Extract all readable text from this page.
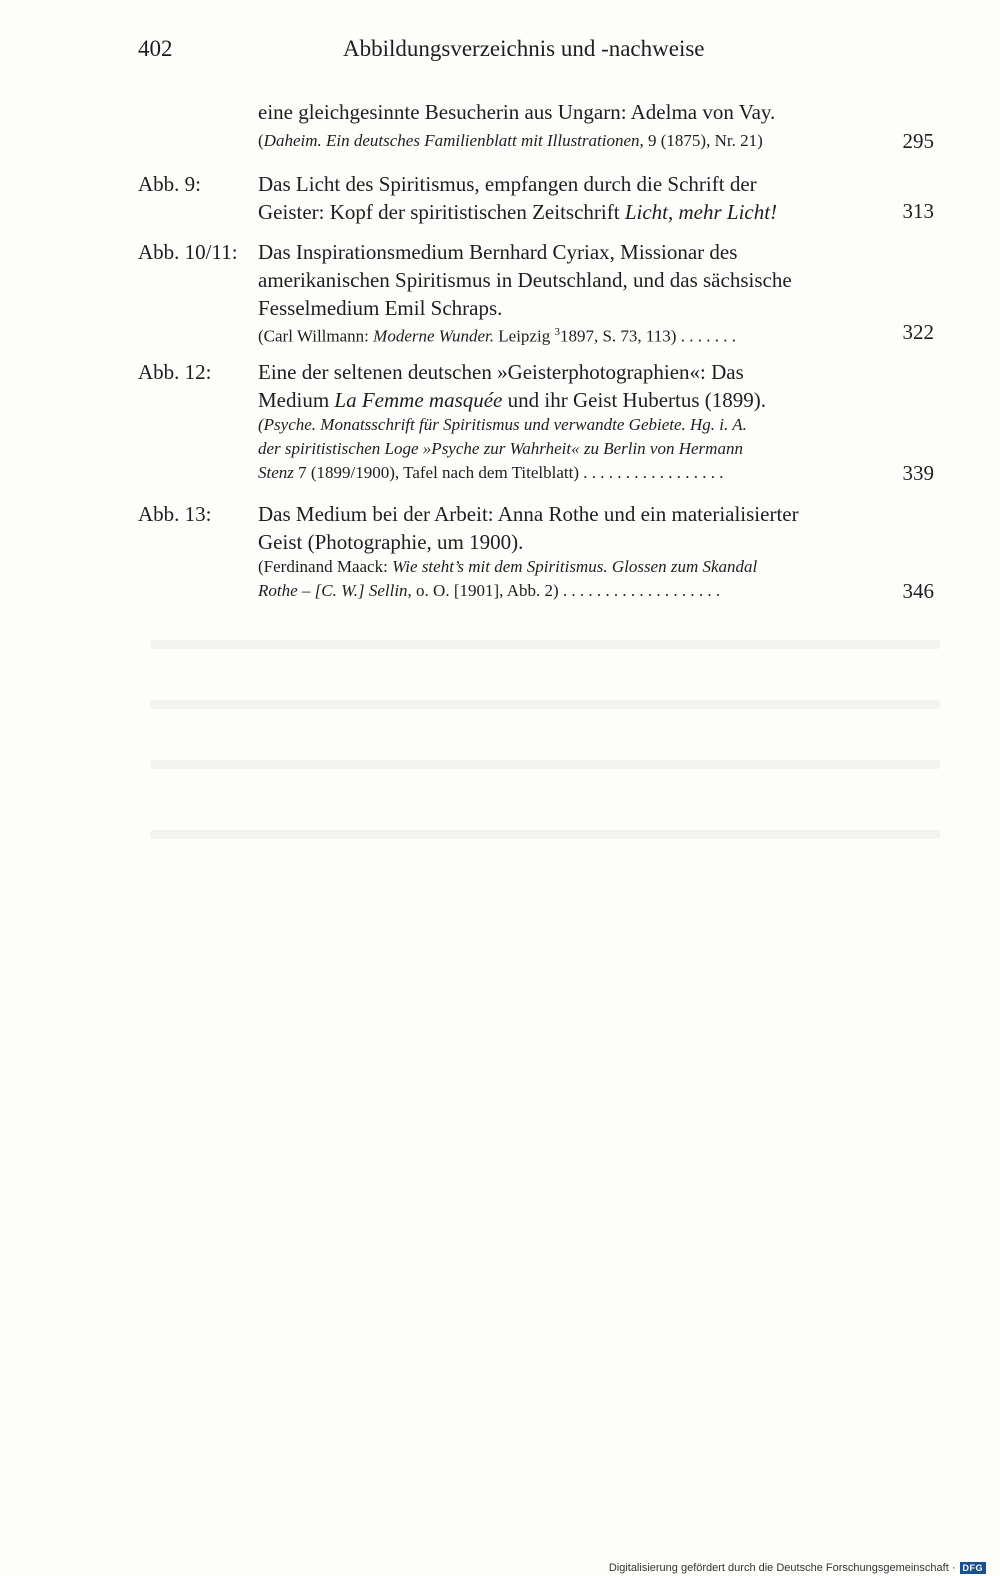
402	Abbildungsverzeichnis und -nachweise
eine gleichgesinnte Besucherin aus Ungarn: Adelma von Vay.
(Daheim. Ein deutsches Familienblatt mit Illustrationen, 9 (1875), Nr. 21)	295
Abb. 9:	Das Licht des Spiritismus, empfangen durch die Schrift der
Geister: Kopf der spiritistischen Zeitschrift Licht, mehr Licht!	313
Abb. 10/11: Das Inspirationsmedium Bernhard Cyriax, Missionar des
amerikanischen Spiritismus in Deutschland, und das sächsische
Fesselmedium Emil Schraps.
(Carl Willmann: Moderne Wunder. Leipzig $^3$1897, S. 73, 113) . . . . . . .	322
Abb. 12: Eine der seltenen deutschen »Geisterphotographien«: Das
Medium La Femme masquée und ihr Geist Hubertus (1899).
(Psyche. Monatsschrift für Spiritismus und verwandte Gebiete. Hg. i. A.
der spiritistischen Loge »Psyche zur Wahrheit« zu Berlin von Hermann
Stenz 7 (1899/1900), Tafel nach dem Titelblatt) . . . . . . . . . . . . . . . . .	339
Abb. 13: Das Medium bei der Arbeit: Anna Rothe und ein materialisierter
Geist (Photographie, um 1900).
(Ferdinand Maack: Wie steht’s mit dem Spiritismus. Glossen zum Skandal
Rothe – [C. W.] Sellin, o. O. [1901], Abb. 2) . . . . . . . . . . . . . . . . . . .	346
Digitalisierung gefördert durch die Deutsche Forschungsgemeinschaft · DFG
